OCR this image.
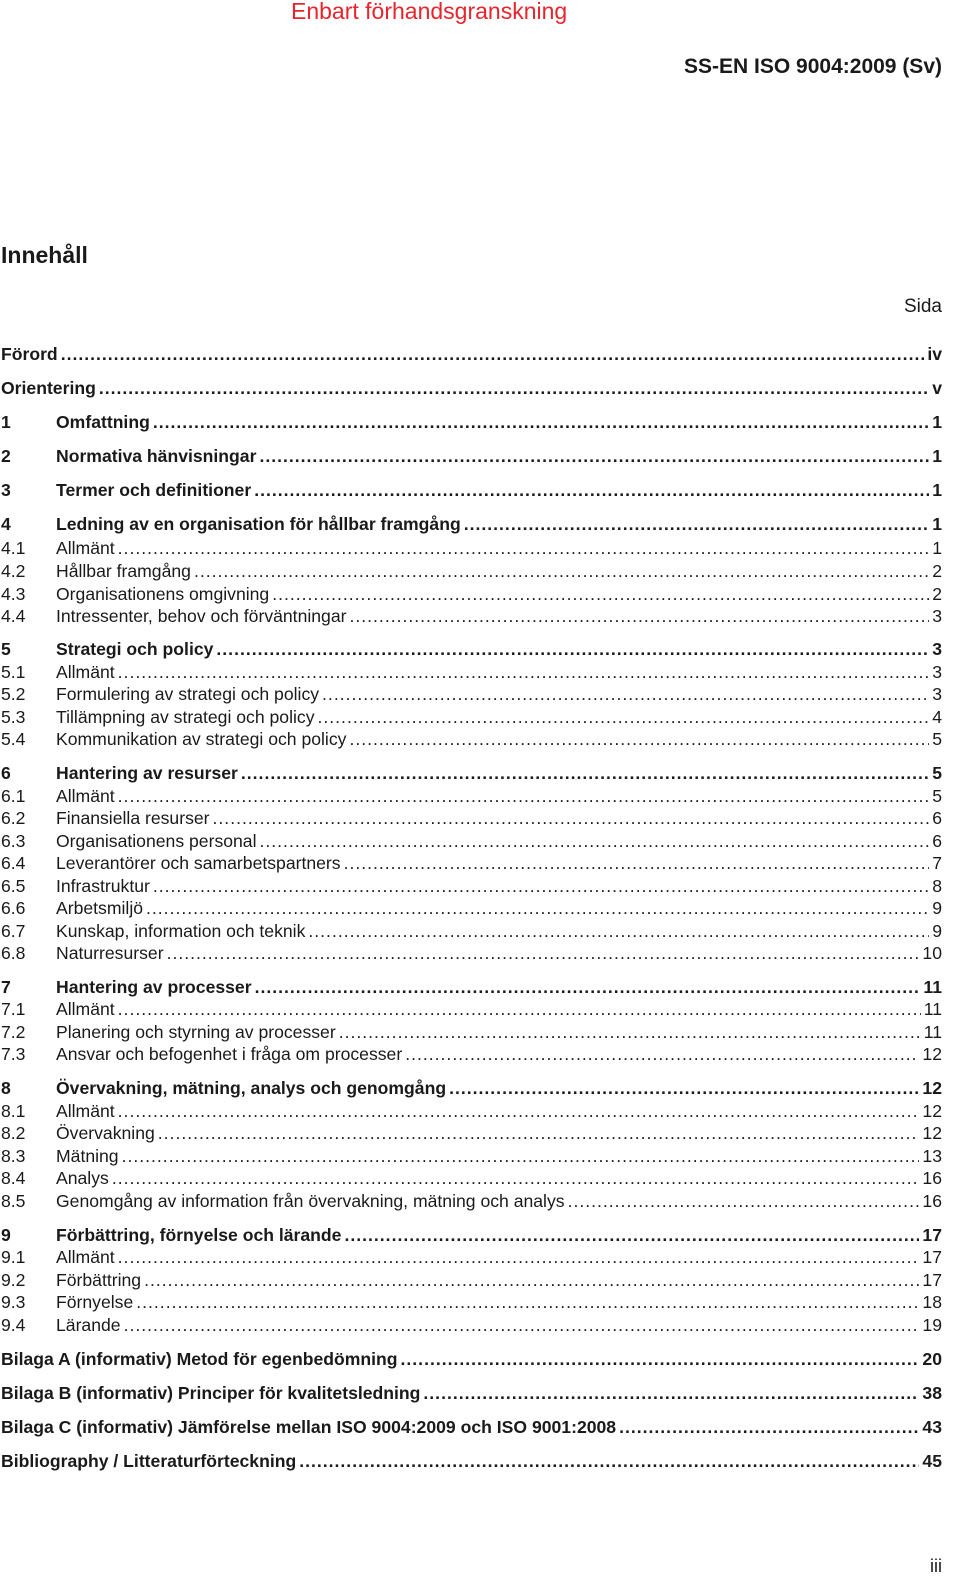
Enbart förhandsgranskning
SS-EN ISO 9004:2009 (Sv)
Innehåll
Sida
Förord .....	iv
Orientering .....	v
1	Omfattning .....	1
2	Normativa hänvisningar .....	1
3	Termer och definitioner .....	1
4	Ledning av en organisation för hållbar framgång .....	1
4.1	Allmänt .....	1
4.2	Hållbar framgång .....	2
4.3	Organisationens omgivning .....	2
4.4	Intressenter, behov och förväntningar .....	3
5	Strategi och policy .....	3
5.1	Allmänt .....	3
5.2	Formulering av strategi och policy .....	3
5.3	Tillämpning av strategi och policy .....	4
5.4	Kommunikation av strategi och policy .....	5
6	Hantering av resurser .....	5
6.1	Allmänt .....	5
6.2	Finansiella resurser .....	6
6.3	Organisationens personal .....	6
6.4	Leverantörer och samarbetspartners .....	7
6.5	Infrastruktur .....	8
6.6	Arbetsmiljö .....	9
6.7	Kunskap, information och teknik .....	9
6.8	Naturresurser .....	10
7	Hantering av processer .....	11
7.1	Allmänt .....	11
7.2	Planering och styrning av processer .....	11
7.3	Ansvar och befogenhet i fråga om processer .....	12
8	Övervakning, mätning, analys och genomgång .....	12
8.1	Allmänt .....	12
8.2	Övervakning .....	12
8.3	Mätning .....	13
8.4	Analys .....	16
8.5	Genomgång av information från övervakning, mätning och analys .....	16
9	Förbättring, förnyelse och lärande .....	17
9.1	Allmänt .....	17
9.2	Förbättring .....	17
9.3	Förnyelse .....	18
9.4	Lärande .....	19
Bilaga A (informativ) Metod för egenbedömning .....	20
Bilaga B (informativ) Principer för kvalitetsledning .....	38
Bilaga C (informativ) Jämförelse mellan ISO 9004:2009 och ISO 9001:2008 .....	43
Bibliography / Litteraturförteckning .....	45
iii
